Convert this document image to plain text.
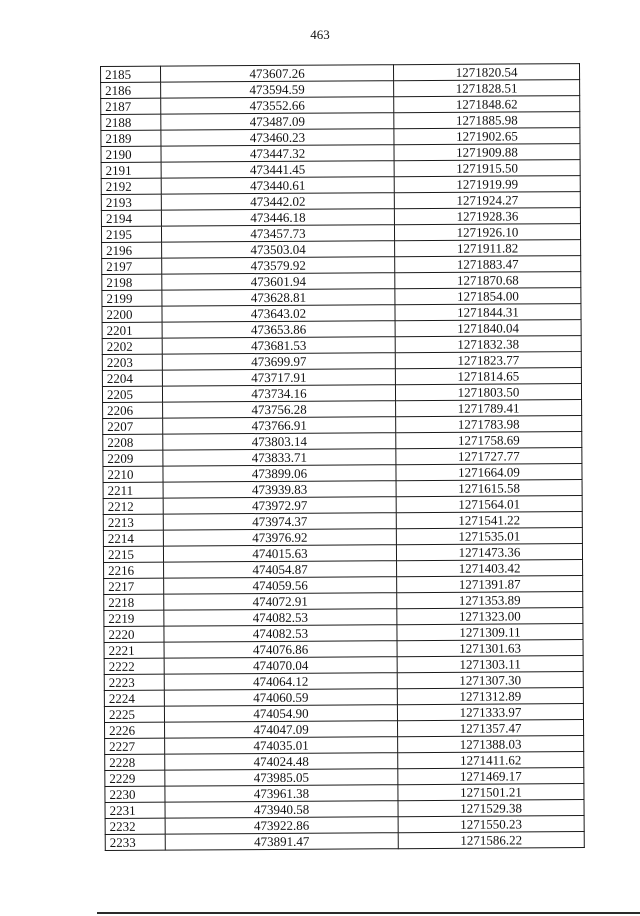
463
2185	473607.26	1271820.54
2186	473594.59	1271828.51
2187	473552.66	1271848.62
2188	473487.09	1271885.98
2189	473460.23	1271902.65
2190	473447.32	1271909.88
2191	473441.45	1271915.50
2192	473440.61	1271919.99
2193	473442.02	1271924.27
2194	473446.18	1271928.36
2195	473457.73	1271926.10
2196	473503.04	1271911.82
2197	473579.92	1271883.47
2198	473601.94	1271870.68
2199	473628.81	1271854.00
2200	473643.02	1271844.31
2201	473653.86	1271840.04
2202	473681.53	1271832.38
2203	473699.97	1271823.77
2204	473717.91	1271814.65
2205	473734.16	1271803.50
2206	473756.28	1271789.41
2207	473766.91	1271783.98
2208	473803.14	1271758.69
2209	473833.71	1271727.77
2210	473899.06	1271664.09
2211	473939.83	1271615.58
2212	473972.97	1271564.01
2213	473974.37	1271541.22
2214	473976.92	1271535.01
2215	474015.63	1271473.36
2216	474054.87	1271403.42
2217	474059.56	1271391.87
2218	474072.91	1271353.89
2219	474082.53	1271323.00
2220	474082.53	1271309.11
2221	474076.86	1271301.63
2222	474070.04	1271303.11
2223	474064.12	1271307.30
2224	474060.59	1271312.89
2225	474054.90	1271333.97
2226	474047.09	1271357.47
2227	474035.01	1271388.03
2228	474024.48	1271411.62
2229	473985.05	1271469.17
2230	473961.38	1271501.21
2231	473940.58	1271529.38
2232	473922.86	1271550.23
2233	473891.47	1271586.22
